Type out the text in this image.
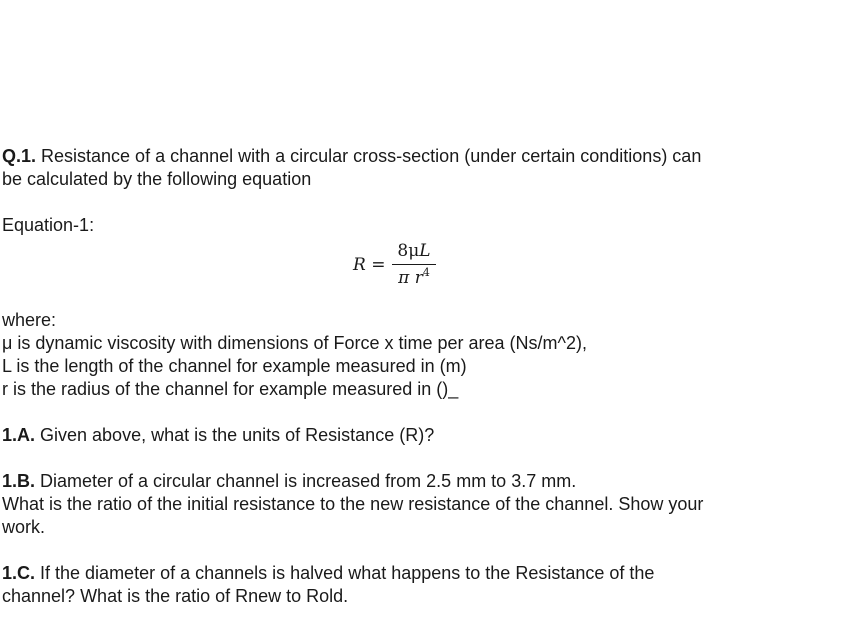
Q.1. Resistance of a channel with a circular cross-section (under certain conditions) can
be calculated by the following equation

Equation-1:

R =
8μL
π $r^4$

where:
μ is dynamic viscosity with dimensions of Force x time per area (Ns/m^2),
L is the length of the channel for example measured in (m)
r is the radius of the channel for example measured in ()_

1.A. Given above, what is the units of Resistance (R)?

1.B. Diameter of a circular channel is increased from 2.5 mm to 3.7 mm.
What is the ratio of the initial resistance to the new resistance of the channel. Show your
work.

1.C. If the diameter of a channels is halved what happens to the Resistance of the
channel? What is the ratio of Rnew to Rold.
